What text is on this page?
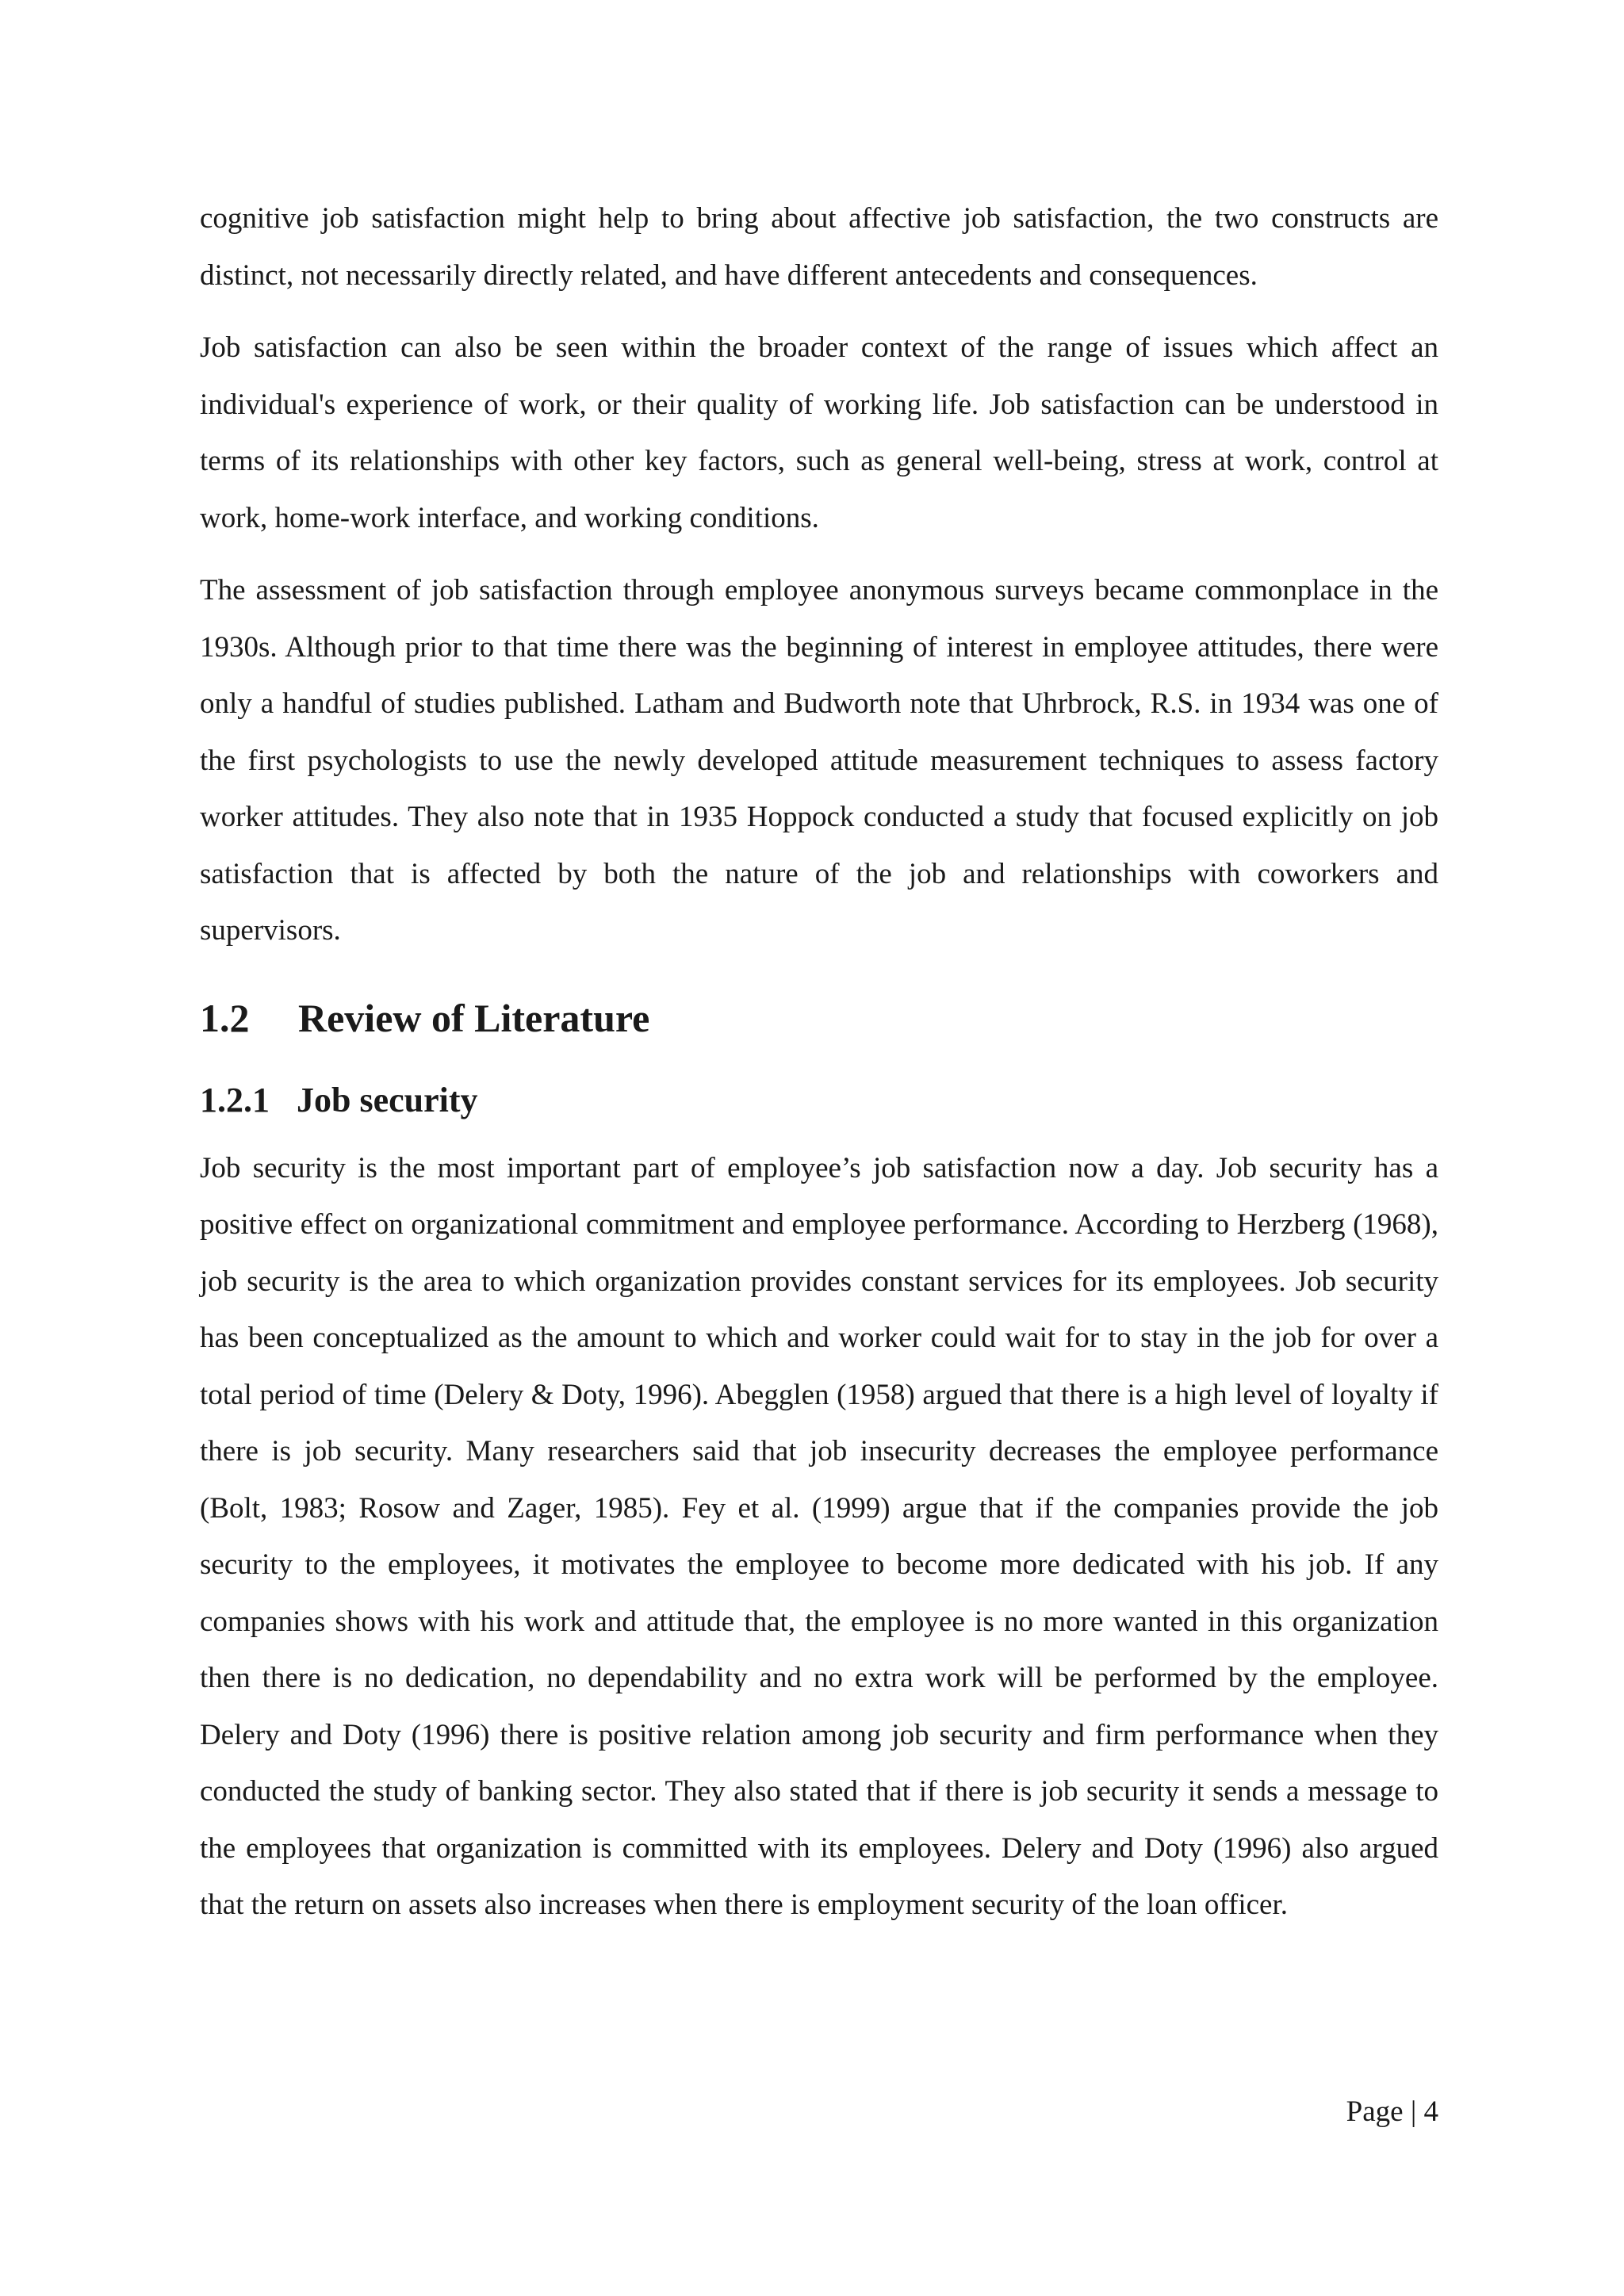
cognitive job satisfaction might help to bring about affective job satisfaction, the two constructs are distinct, not necessarily directly related, and have different antecedents and consequences.

Job satisfaction can also be seen within the broader context of the range of issues which affect an individual's experience of work, or their quality of working life. Job satisfaction can be understood in terms of its relationships with other key factors, such as general well-being, stress at work, control at work, home-work interface, and working conditions.

The assessment of job satisfaction through employee anonymous surveys became commonplace in the 1930s. Although prior to that time there was the beginning of interest in employee attitudes, there were only a handful of studies published. Latham and Budworth note that Uhrbrock, R.S. in 1934 was one of the first psychologists to use the newly developed attitude measurement techniques to assess factory worker attitudes. They also note that in 1935 Hoppock conducted a study that focused explicitly on job satisfaction that is affected by both the nature of the job and relationships with coworkers and supervisors.

1.2 Review of Literature
1.2.1 Job security

Job security is the most important part of employee’s job satisfaction now a day. Job security has a positive effect on organizational commitment and employee performance. According to Herzberg (1968), job security is the area to which organization provides constant services for its employees. Job security has been conceptualized as the amount to which and worker could wait for to stay in the job for over a total period of time (Delery & Doty, 1996). Abegglen (1958) argued that there is a high level of loyalty if there is job security. Many researchers said that job insecurity decreases the employee performance (Bolt, 1983; Rosow and Zager, 1985). Fey et al. (1999) argue that if the companies provide the job security to the employees, it motivates the employee to become more dedicated with his job. If any companies shows with his work and attitude that, the employee is no more wanted in this organization then there is no dedication, no dependability and no extra work will be performed by the employee. Delery and Doty (1996) there is positive relation among job security and firm performance when they conducted the study of banking sector. They also stated that if there is job security it sends a message to the employees that organization is committed with its employees. Delery and Doty (1996) also argued that the return on assets also increases when there is employment security of the loan officer.

Page | 4
